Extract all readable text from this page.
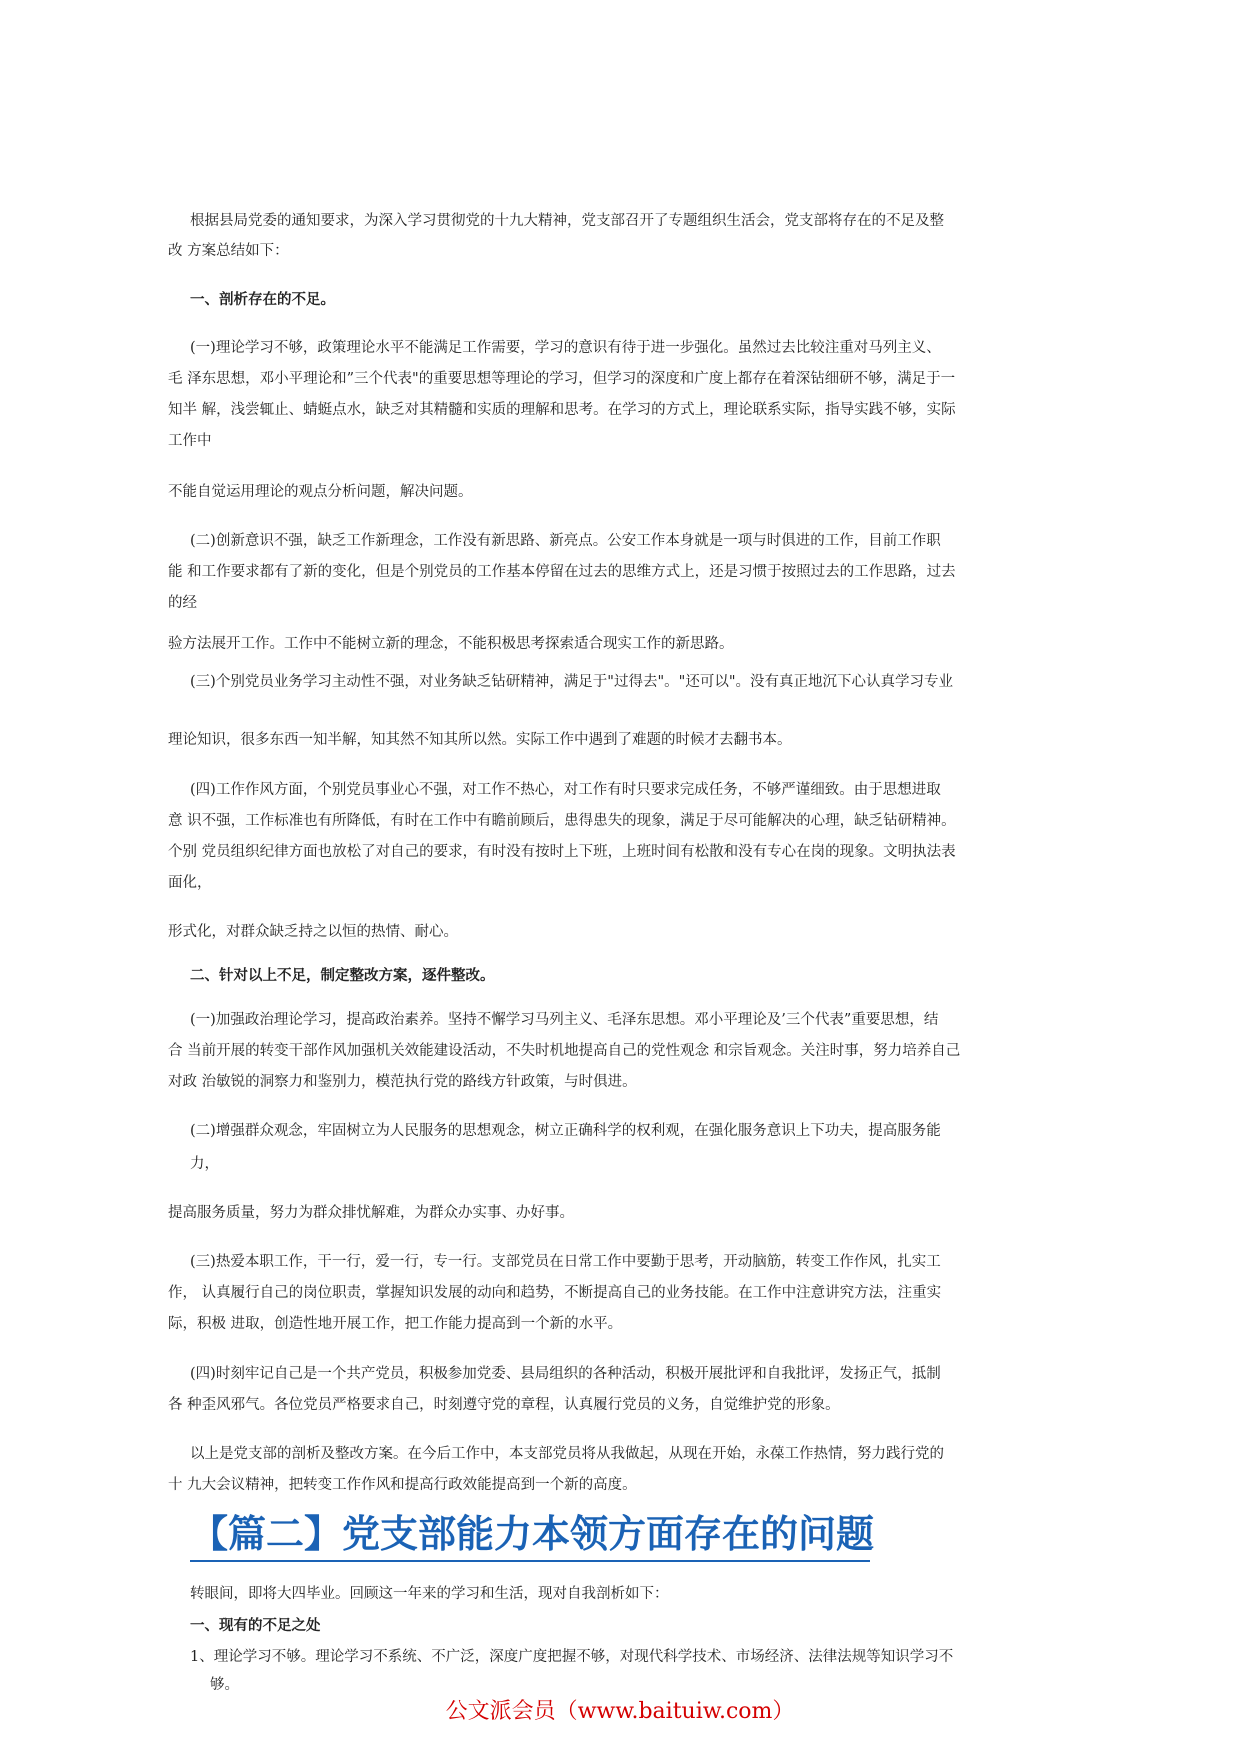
根据县局党委的通知要求，为深入学习贯彻党的十九大精神，党支部召开了专题组织生活会，党支部将存在的不足及整

改 方案总结如下：

一、剖析存在的不足。

(一)理论学习不够，政策理论水平不能满足工作需要，学习的意识有待于进一步强化。虽然过去比较注重对马列主义、

毛 泽东思想，邓小平理论和”三个代表"的重要思想等理论的学习，但学习的深度和广度上都存在着深钻细研不够，满足于一

知半 解，浅尝辄止、蜻蜓点水，缺乏对其精髓和实质的理解和思考。在学习的方式上，理论联系实际，指导实践不够，实际

工作中

不能自觉运用理论的观点分析问题，解决问题。

(二)创新意识不强，缺乏工作新理念，工作没有新思路、新亮点。公安工作本身就是一项与时俱进的工作，目前工作职

能 和工作要求都有了新的变化，但是个别党员的工作基本停留在过去的思维方式上，还是习惯于按照过去的工作思路，过去

的经

验方法展开工作。工作中不能树立新的理念，不能积极思考探索适合现实工作的新思路。

(三)个别党员业务学习主动性不强，对业务缺乏钻研精神，满足于"过得去"。"还可以"。没有真正地沉下心认真学习专业

理论知识，很多东西一知半解，知其然不知其所以然。实际工作中遇到了难题的时候才去翻书本。

(四)工作作风方面，个别党员事业心不强，对工作不热心，对工作有时只要求完成任务，不够严谨细致。由于思想进取

意 识不强，工作标准也有所降低，有时在工作中有瞻前顾后，患得患失的现象，满足于尽可能解决的心理，缺乏钻研精神。

个别 党员组织纪律方面也放松了对自己的要求，有时没有按时上下班，上班时间有松散和没有专心在岗的现象。文明执法表

面化，

形式化，对群众缺乏持之以恒的热情、耐心。

二、针对以上不足，制定整改方案，逐件整改。

(一)加强政治理论学习，提高政治素养。坚持不懈学习马列主义、毛泽东思想。邓小平理论及’三个代表”重要思想，结

合 当前开展的转变干部作风加强机关效能建设活动，不失时机地提高自己的党性观念 和宗旨观念。关注时事，努力培养自己

对政 治敏锐的洞察力和鉴别力，模范执行党的路线方针政策，与时俱进。

(二)增强群众观念，牢固树立为人民服务的思想观念，树立正确科学的权利观，在强化服务意识上下功夫，提高服务能

力，

提高服务质量，努力为群众排忧解难，为群众办实事、办好事。

(三)热爱本职工作，干一行，爱一行，专一行。支部党员在日常工作中要勤于思考，开动脑筋，转变工作作风，扎实工

作， 认真履行自己的岗位职责，掌握知识发展的动向和趋势，不断提高自己的业务技能。在工作中注意讲究方法，注重实

际，积极 进取，创造性地开展工作，把工作能力提高到一个新的水平。

(四)时刻牢记自己是一个共产党员，积极参加党委、县局组织的各种活动，积极开展批评和自我批评，发扬正气，抵制

各 种歪风邪气。各位党员严格要求自己，时刻遵守党的章程，认真履行党员的义务，自觉维护党的形象。

以上是党支部的剖析及整改方案。在今后工作中，本支部党员将从我做起，从现在开始，永葆工作热情，努力践行党的

十 九大会议精神，把转变工作作风和提高行政效能提高到一个新的高度。

【篇二】党支部能力本领方面存在的问题

转眼间，即将大四毕业。回顾这一年来的学习和生活，现对自我剖析如下：

一、现有的不足之处

1、理论学习不够。理论学习不系统、不广泛，深度广度把握不够，对现代科学技术、市场经济、法律法规等知识学习不

够。

公文派会员（www.baituiw.com）
